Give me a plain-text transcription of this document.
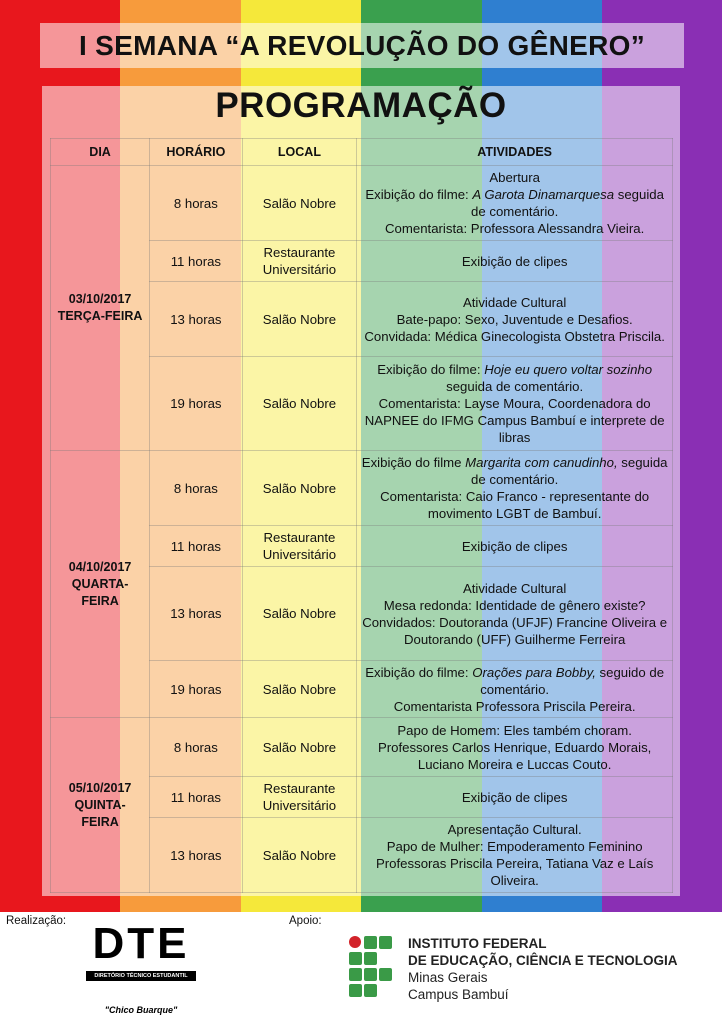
I SEMANA “A REVOLUÇÃO DO GÊNERO”
PROGRAMAÇÃO
DIA	HORÁRIO	LOCAL	ATIVIDADES
03/10/2017
TERÇA-FEIRA	8 horas	Salão Nobre	Abertura
Exibição do filme: A Garota Dinamarquesa seguida de comentário.
Comentarista: Professora Alessandra Vieira.
	11 horas	Restaurante Universitário	Exibição de clipes
	13 horas	Salão Nobre	Atividade Cultural
Bate-papo: Sexo, Juventude e Desafios.
Convidada: Médica Ginecologista Obstetra Priscila.
	19 horas	Salão Nobre	Exibição do filme: Hoje eu quero voltar sozinho seguida de comentário.
Comentarista: Layse Moura, Coordenadora do NAPNEE do IFMG Campus Bambuí e interprete de libras
04/10/2017
QUARTA-
FEIRA	8 horas	Salão Nobre	Exibição do filme Margarita com canudinho, seguida de comentário.
Comentarista: Caio Franco - representante do movimento LGBT de Bambuí.
	11 horas	Restaurante Universitário	Exibição de clipes
	13 horas	Salão Nobre	Atividade Cultural
Mesa redonda: Identidade de gênero existe?
Convidados: Doutoranda (UFJF) Francine Oliveira e Doutorando (UFF) Guilherme Ferreira
	19 horas	Salão Nobre	Exibição do filme: Orações para Bobby, seguido de comentário.
Comentarista Professora Priscila Pereira.
05/10/2017
QUINTA-
FEIRA	8 horas	Salão Nobre	Papo de Homem: Eles também choram.
Professores Carlos Henrique, Eduardo Morais, Luciano Moreira e Luccas Couto.
	11 horas	Restaurante Universitário	Exibição de clipes
	13 horas	Salão Nobre	Apresentação Cultural.
Papo de Mulher: Empoderamento Feminino
Professoras Priscila Pereira, Tatiana Vaz e Laís Oliveira.
Realização:	Apoio:
DTE
DIRETÓRIO TÉCNICO ESTUDANTIL
"Chico Buarque"
INSTITUTO FEDERAL
DE EDUCAÇÃO, CIÊNCIA E TECNOLOGIA
Minas Gerais
Campus Bambuí
